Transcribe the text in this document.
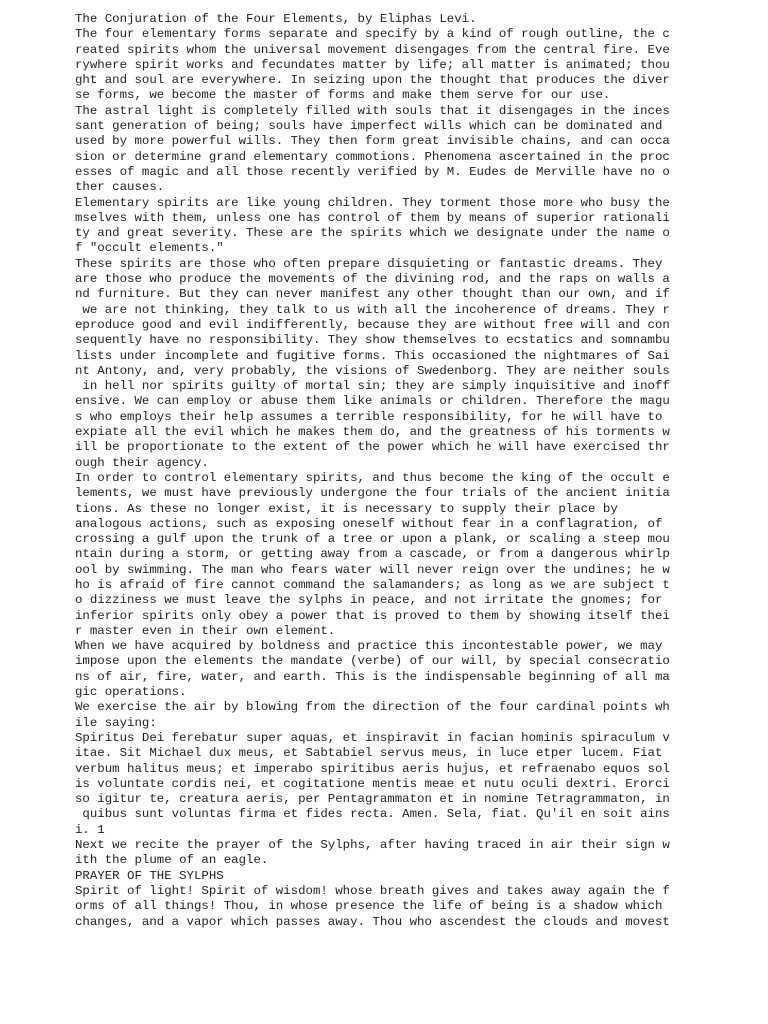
The Conjuration of the Four Elements, by Eliphas Levi.
The four elementary forms separate and specify by a kind of rough outline, the c
reated spirits whom the universal movement disengages from the central fire. Eve
rywhere spirit works and fecundates matter by life; all matter is animated; thou
ght and soul are everywhere. In seizing upon the thought that produces the diver
se forms, we become the master of forms and make them serve for our use.
The astral light is completely filled with souls that it disengages in the inces
sant generation of being; souls have imperfect wills which can be dominated and
used by more powerful wills. They then form great invisible chains, and can occa
sion or determine grand elementary commotions. Phenomena ascertained in the proc
esses of magic and all those recently verified by M. Eudes de Merville have no o
ther causes.
Elementary spirits are like young children. They torment those more who busy the
mselves with them, unless one has control of them by means of superior rationali
ty and great severity. These are the spirits which we designate under the name o
f "occult elements."
These spirits are those who often prepare disquieting or fantastic dreams. They
are those who produce the movements of the divining rod, and the raps on walls a
nd furniture. But they can never manifest any other thought than our own, and if
we are not thinking, they talk to us with all the incoherence of dreams. They r
eproduce good and evil indifferently, because they are without free will and con
sequently have no responsibility. They show themselves to ecstatics and somnambu
lists under incomplete and fugitive forms. This occasioned the nightmares of Sai
nt Antony, and, very probably, the visions of Swedenborg. They are neither souls
in hell nor spirits guilty of mortal sin; they are simply inquisitive and inoff
ensive. We can employ or abuse them like animals or children. Therefore the magu
s who employs their help assumes a terrible responsibility, for he will have to
expiate all the evil which he makes them do, and the greatness of his torments w
ill be proportionate to the extent of the power which he will have exercised thr
ough their agency.
In order to control elementary spirits, and thus become the king of the occult e
lements, we must have previously undergone the four trials of the ancient initia
tions. As these no longer exist, it is necessary to supply their place by
analogous actions, such as exposing oneself without fear in a conflagration, of
crossing a gulf upon the trunk of a tree or upon a plank, or scaling a steep mou
ntain during a storm, or getting away from a cascade, or from a dangerous whirlp
ool by swimming. The man who fears water will never reign over the undines; he w
ho is afraid of fire cannot command the salamanders; as long as we are subject t
o dizziness we must leave the sylphs in peace, and not irritate the gnomes; for
inferior spirits only obey a power that is proved to them by showing itself thei
r master even in their own element.
When we have acquired by boldness and practice this incontestable power, we may
impose upon the elements the mandate (verbe) of our will, by special consecratio
ns of air, fire, water, and earth. This is the indispensable beginning of all ma
gic operations.
We exercise the air by blowing from the direction of the four cardinal points wh
ile saying:
Spiritus Dei ferebatur super aquas, et inspiravit in facian hominis spiraculum v
itae. Sit Michael dux meus, et Sabtabiel servus meus, in luce etper lucem. Fiat
verbum halitus meus; et imperabo spiritibus aeris hujus, et refraenabo equos sol
is voluntate cordis nei, et cogitatione mentis meae et nutu oculi dextri. Erorci
so igitur te, creatura aeris, per Pentagrammaton et in nomine Tetragrammaton, in
quibus sunt voluntas firma et fides recta. Amen. Sela, fiat. Qu'il en soit ains
i. 1
Next we recite the prayer of the Sylphs, after having traced in air their sign w
ith the plume of an eagle.
PRAYER OF THE SYLPHS
Spirit of light! Spirit of wisdom! whose breath gives and takes away again the f
orms of all things! Thou, in whose presence the life of being is a shadow which
changes, and a vapor which passes away. Thou who ascendest the clouds and movest
